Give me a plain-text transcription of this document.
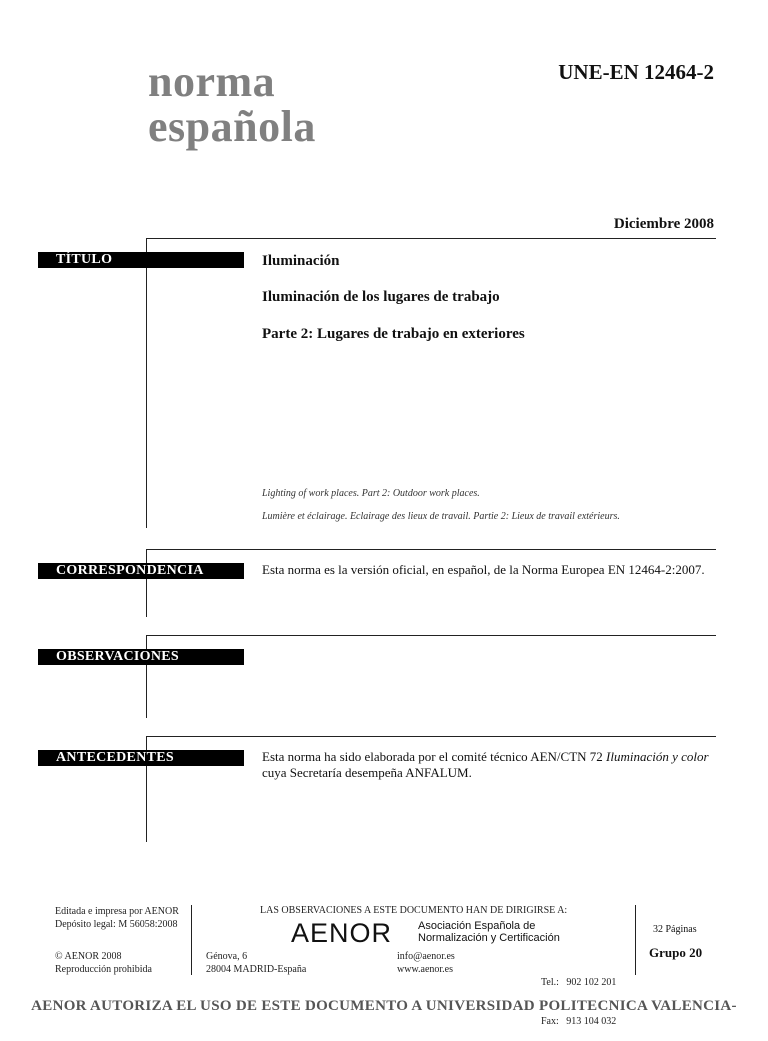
norma
española
UNE-EN 12464-2
Diciembre 2008
TÍTULO	Iluminación
Iluminación de los lugares de trabajo
Parte 2: Lugares de trabajo en exteriores
Lighting of work places. Part 2: Outdoor work places.
Lumière et éclairage. Eclairage des lieux de travail. Partie 2: Lieux de travail extérieurs.
CORRESPONDENCIA	Esta norma es la versión oficial, en español, de la Norma Europea EN 12464-2:2007.
OBSERVACIONES
ANTECEDENTES	Esta norma ha sido elaborada por el comité técnico AEN/CTN 72 Iluminación y color
cuya Secretaría desempeña ANFALUM.
Editada e impresa por AENOR
Depósito legal: M 56058:2008
© AENOR 2008
Reproducción prohibida
LAS OBSERVACIONES A ESTE DOCUMENTO HAN DE DIRIGIRSE A:
AENOR Asociación Española de
Normalización y Certificación
Génova, 6
28004 MADRID-España
info@aenor.es
www.aenor.es

Tel.:   902 102 201

Fax:   913 104 032

32 Páginas
Grupo 20
AENOR AUTORIZA EL USO DE ESTE DOCUMENTO A UNIVERSIDAD POLITECNICA VALENCIA-
